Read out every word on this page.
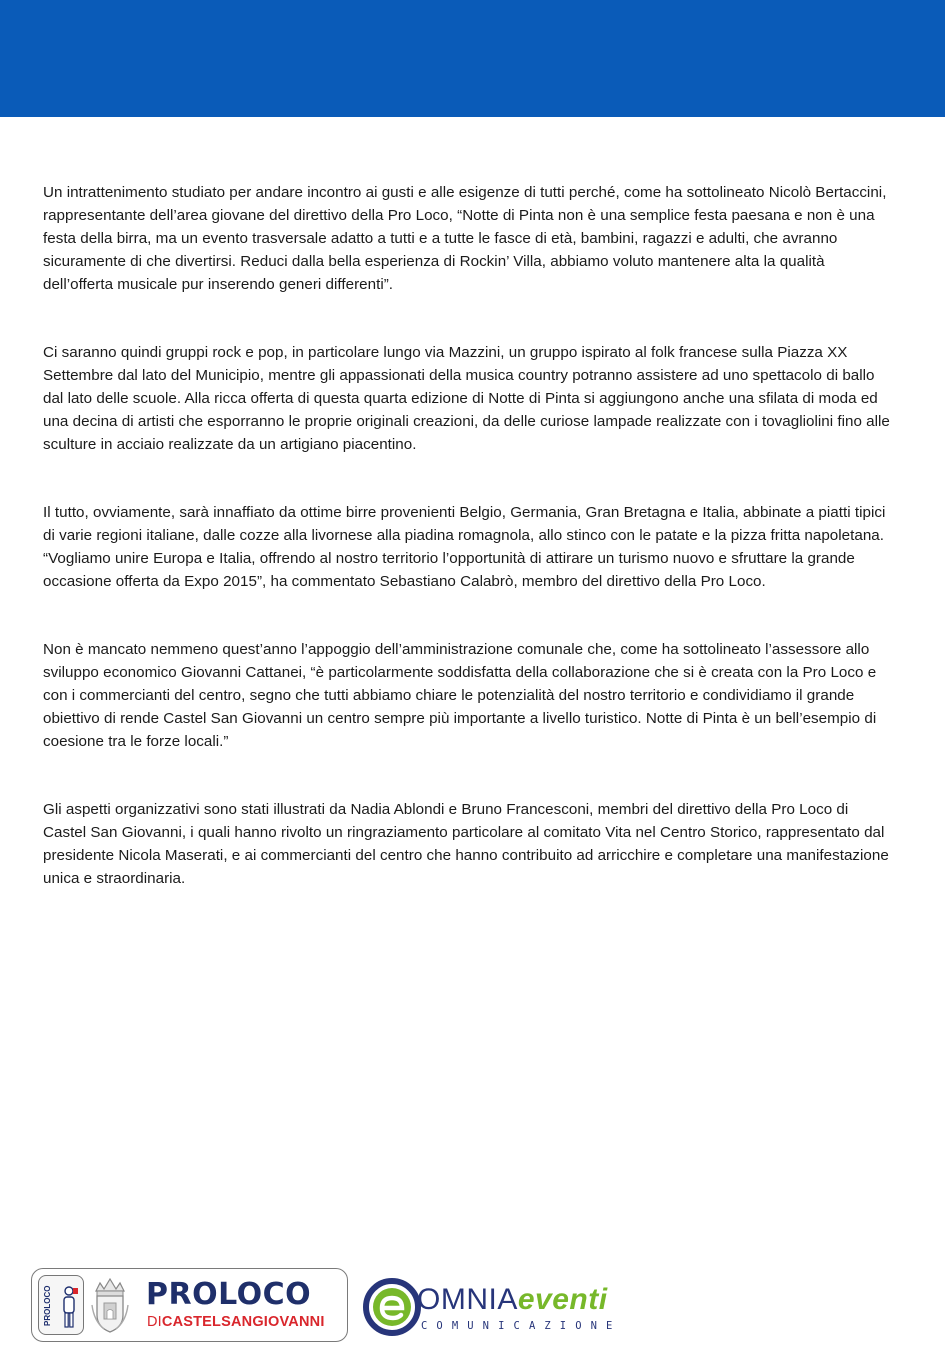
Un intrattenimento studiato per andare incontro ai gusti e alle esigenze di tutti perché, come ha sottolineato Nicolò Bertaccini, rappresentante dell’area giovane del direttivo della Pro Loco, “Notte di Pinta non è una semplice festa paesana e non è una festa della birra, ma un evento trasversale adatto a tutti e a tutte le fasce di età, bambini, ragazzi e adulti, che avranno sicuramente di che divertirsi. Reduci dalla bella esperienza di Rockin’ Villa, abbiamo voluto mantenere alta la qualità dell’offerta musicale pur inserendo generi differenti”.

Ci saranno quindi gruppi rock e pop, in particolare lungo via Mazzini, un gruppo ispirato al folk francese sulla Piazza XX Settembre dal lato del Municipio, mentre gli appassionati della musica country potranno assistere ad uno spettacolo di ballo dal lato delle scuole. Alla ricca offerta di questa quarta edizione di Notte di Pinta si aggiungono anche una sfilata di moda ed una decina di artisti che esporranno le proprie originali creazioni, da delle curiose lampade realizzate con i tovagliolini fino alle sculture in acciaio realizzate da un artigiano piacentino.

Il tutto, ovviamente, sarà innaffiato da ottime birre provenienti Belgio, Germania, Gran Bretagna e Italia, abbinate a piatti tipici di varie regioni italiane, dalle cozze alla livornese alla piadina romagnola, allo stinco con le patate e la pizza fritta napoletana. “Vogliamo unire Europa e Italia, offrendo al nostro territorio l’opportunità di attirare un turismo nuovo e sfruttare la grande occasione offerta da Expo 2015”, ha commentato Sebastiano Calabrò, membro del direttivo della Pro Loco.

Non è mancato nemmeno quest’anno l’appoggio dell’amministrazione comunale che, come ha sottolineato l’assessore allo sviluppo economico Giovanni Cattanei, “è particolarmente soddisfatta della collaborazione che si è creata con la Pro Loco e con i commercianti del centro, segno che tutti abbiamo chiare le potenzialità del nostro territorio e condividiamo il grande obiettivo di rende Castel San Giovanni un centro sempre più importante a livello turistico. Notte di Pinta è un bell’esempio di coesione tra le forze locali.”

Gli aspetti organizzativi sono stati illustrati da Nadia Ablondi e Bruno Francesconi, membri del direttivo della Pro Loco di Castel San Giovanni, i quali hanno rivolto un ringraziamento particolare al comitato Vita nel Centro Storico, rappresentato dal presidente Nicola Maserati, e ai commercianti del centro che hanno contribuito ad arricchire e completare una manifestazione unica e straordinaria.

PROLOCO	PROLOCO
DICASTELSANGIOVANNI
OMNIAeventi
COMUNICAZIONE
